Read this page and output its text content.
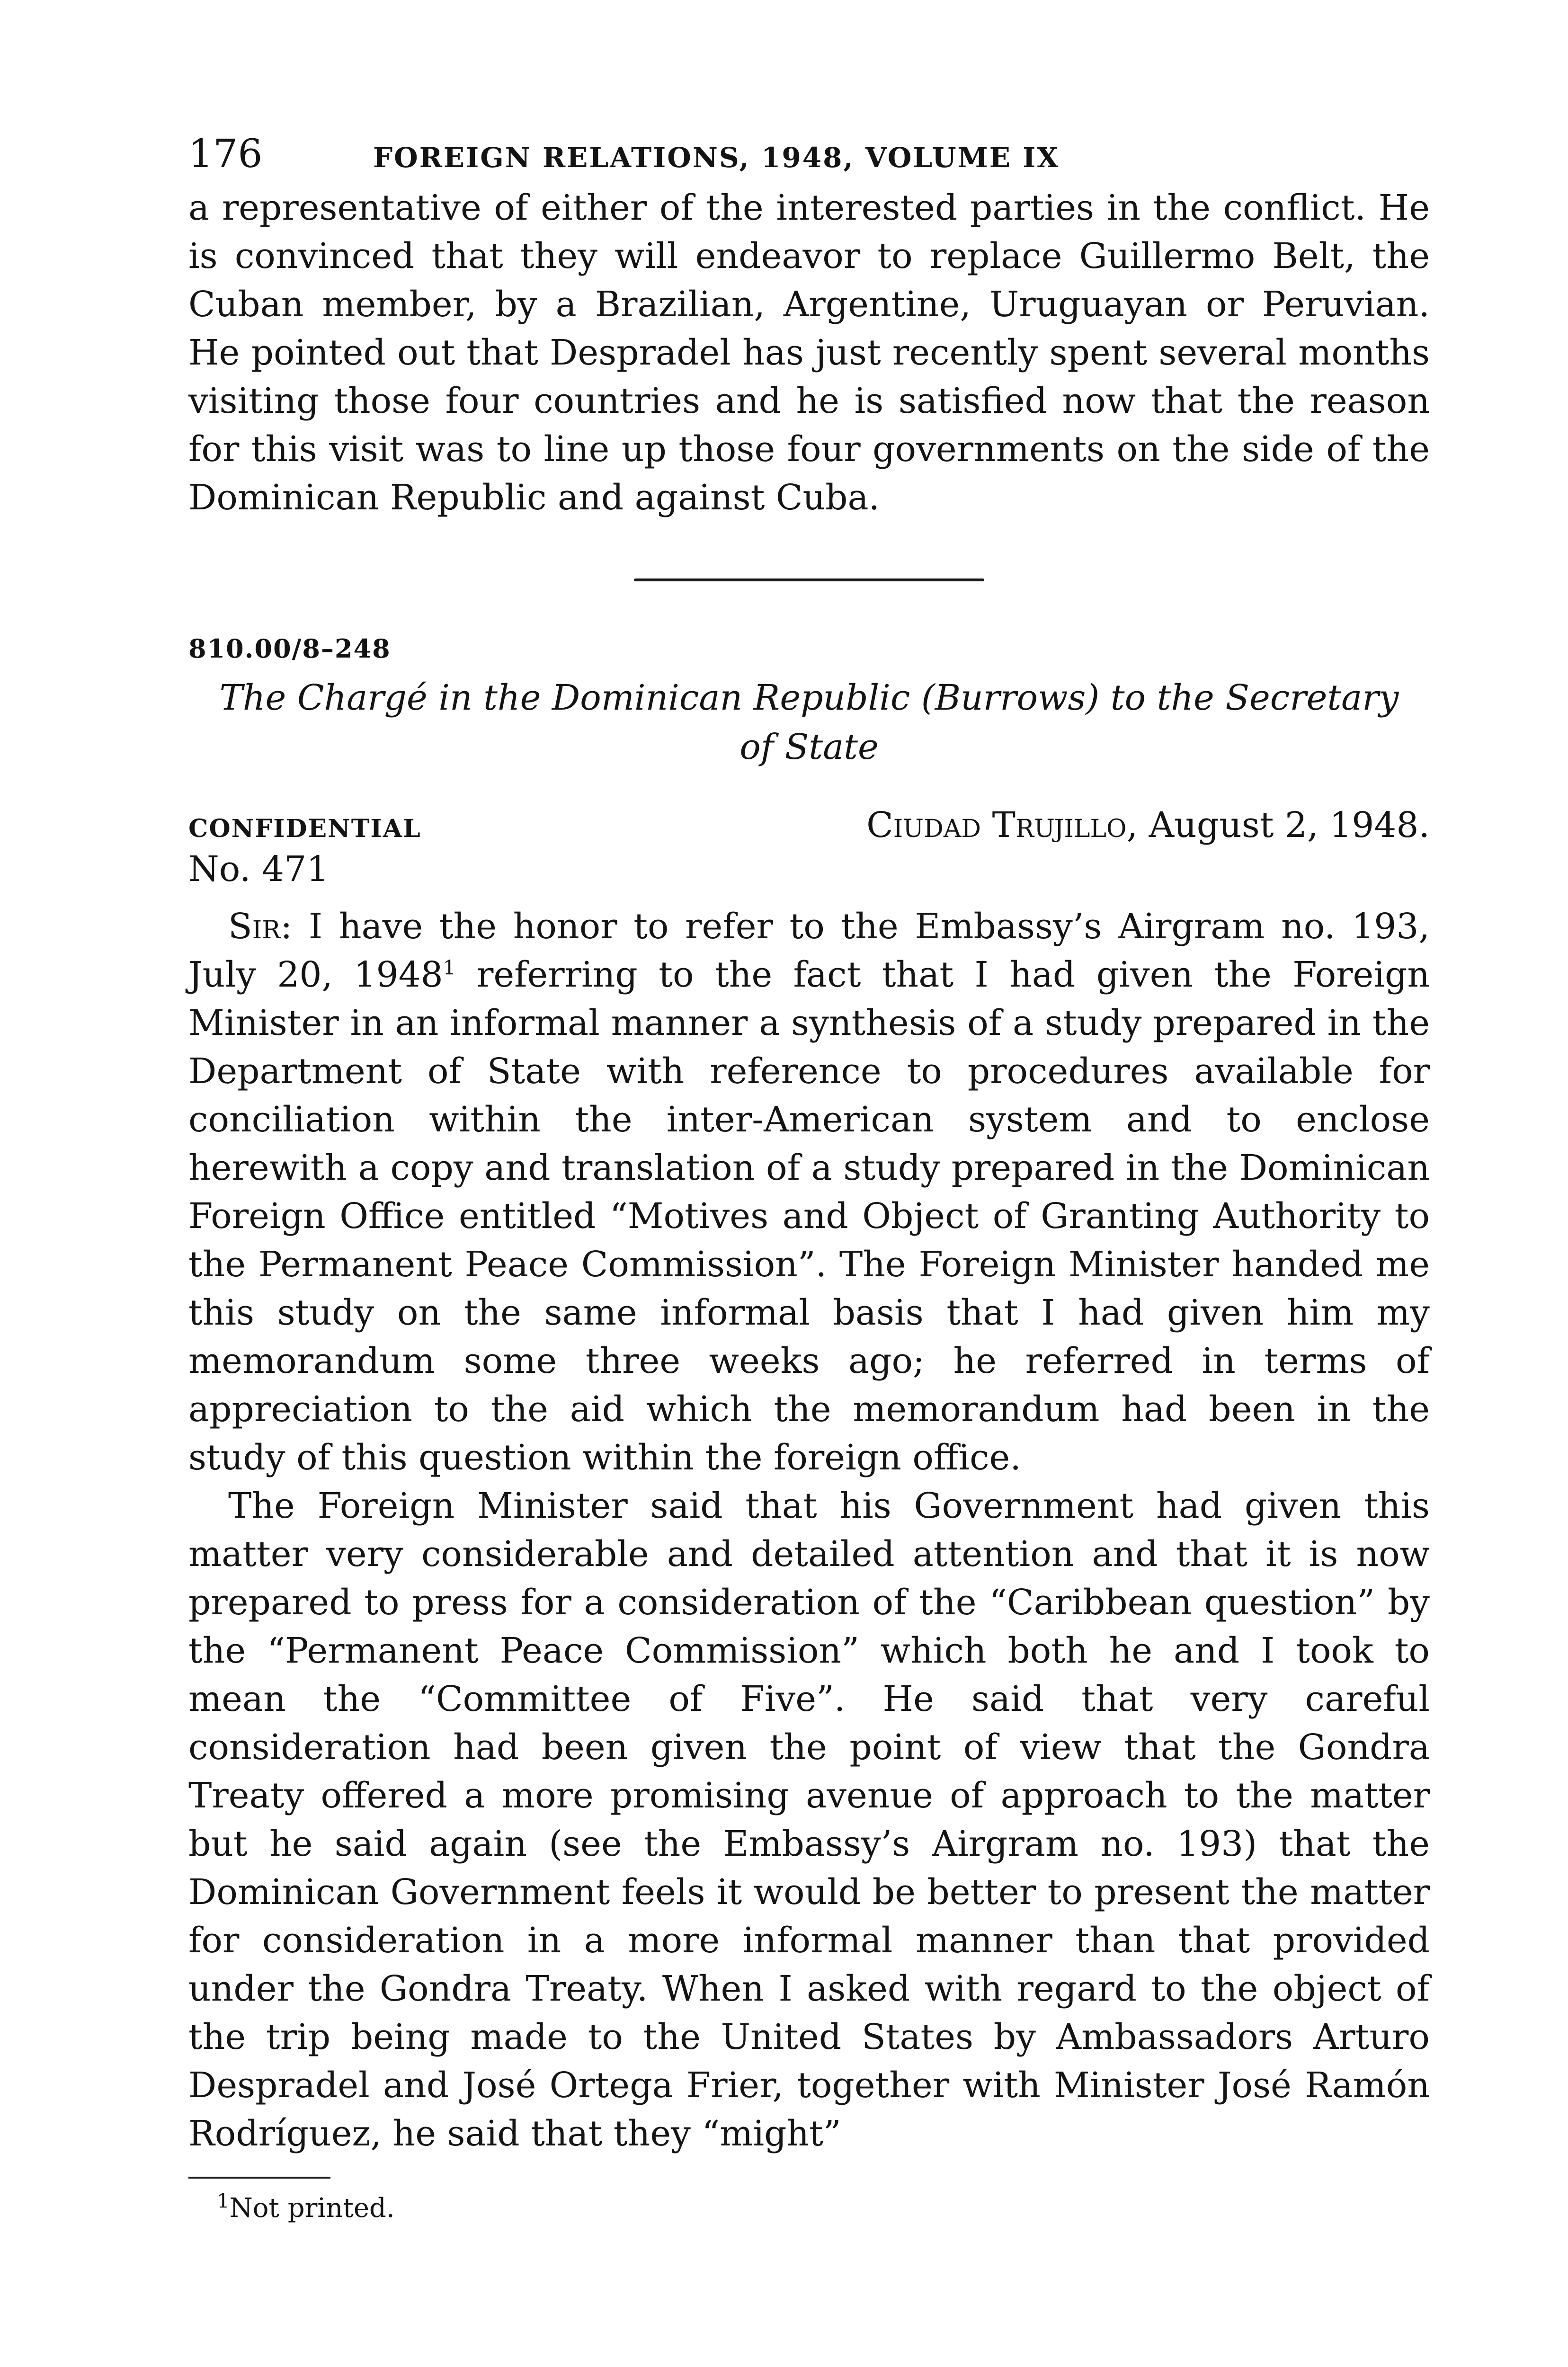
176	FOREIGN RELATIONS, 1948, VOLUME IX

a representative of either of the interested parties in the conflict. He is convinced that they will endeavor to replace Guillermo Belt, the Cuban member, by a Brazilian, Argentine, Uruguayan or Peruvian. He pointed out that Despradel has just recently spent several months visiting those four countries and he is satisfied now that the reason for this visit was to line up those four governments on the side of the Dominican Republic and against Cuba.

810.00/8–248

The Chargé in the Dominican Republic (Burrows) to the Secretary
of State

CONFIDENTIAL	Ciudad Trujillo, August 2, 1948.
No. 471

Sir: I have the honor to refer to the Embassy’s Airgram no. 193, July 20, 1948$^1$ referring to the fact that I had given the Foreign Minister in an informal manner a synthesis of a study prepared in the Department of State with reference to procedures available for conciliation within the inter-American system and to enclose herewith a copy and translation of a study prepared in the Dominican Foreign Office entitled “Motives and Object of Granting Authority to the Permanent Peace Commission”. The Foreign Minister handed me this study on the same informal basis that I had given him my memorandum some three weeks ago; he referred in terms of appreciation to the aid which the memorandum had been in the study of this question within the foreign office.

The Foreign Minister said that his Government had given this matter very considerable and detailed attention and that it is now prepared to press for a consideration of the “Caribbean question” by the “Permanent Peace Commission” which both he and I took to mean the “Committee of Five”. He said that very careful consideration had been given the point of view that the Gondra Treaty offered a more promising avenue of approach to the matter but he said again (see the Embassy’s Airgram no. 193) that the Dominican Government feels it would be better to present the matter for consideration in a more informal manner than that provided under the Gondra Treaty. When I asked with regard to the object of the trip being made to the United States by Ambassadors Arturo Despradel and José Ortega Frier, together with Minister José Ramón Rodríguez, he said that they “might”

$^1$Not printed.
